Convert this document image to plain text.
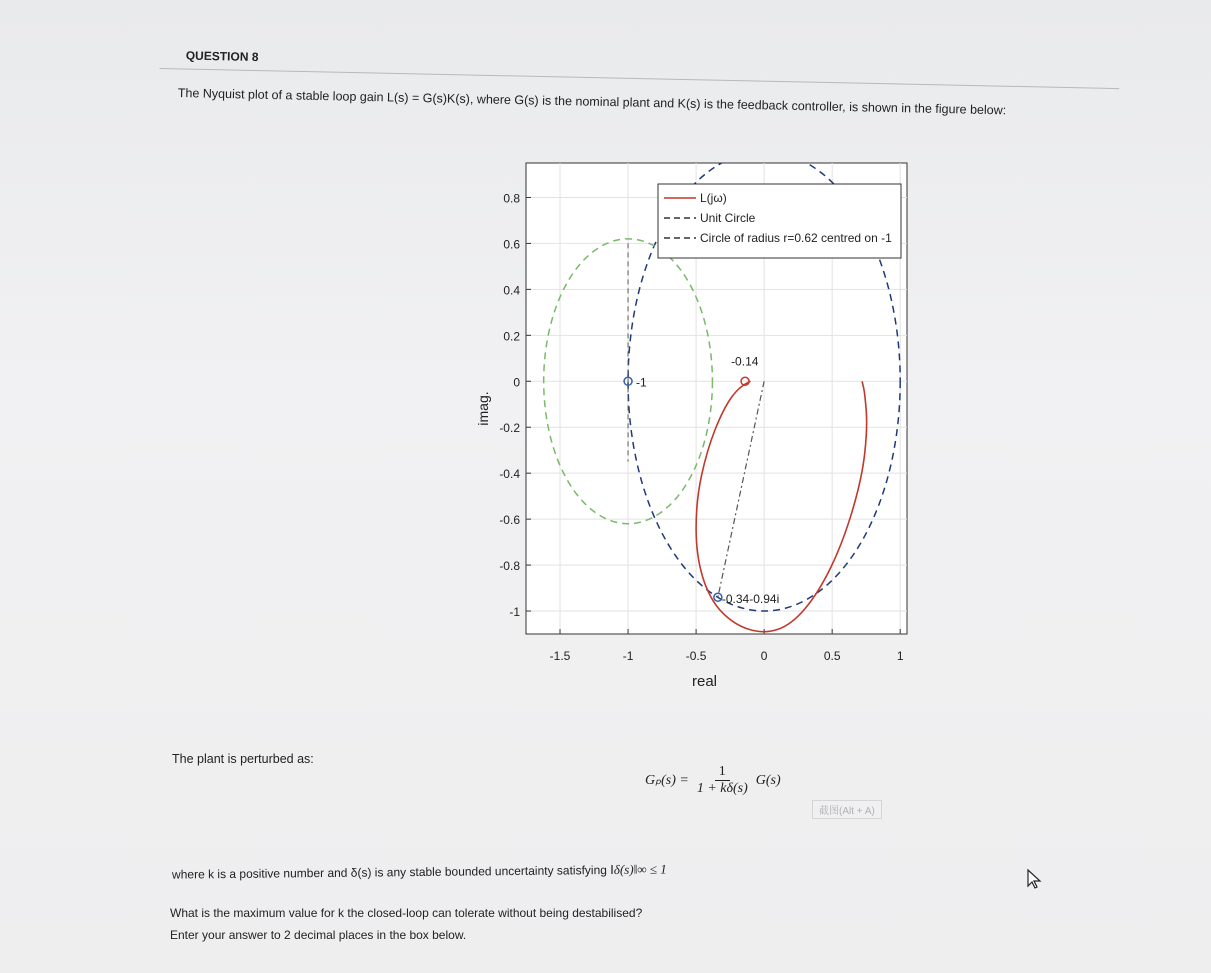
QUESTION 8
The Nyquist plot of a stable loop gain L(s) = G(s)K(s), where G(s) is the nominal plant and K(s) is the feedback controller, is shown in the figure below:
-1.5	-1	-0.5	0	0.5	1
0.8
0.6
0.4
0.2
0
-0.2
-0.4
-0.6
-0.8
-1
real
imag.
-1
-0.14
-0.34-0.94i
L(jω)
Unit Circle
Circle of radius r=0.62 centred on -1
The plant is perturbed as:
$G_p(s) = \frac{1}{1 + k\delta(s)} G(s)$
截图(Alt + A)
where k is a positive number and δ(s) is any stable bounded uncertainty satisfying ‖δ(s)‖∞ ≤ 1
What is the maximum value for k the closed-loop can tolerate without being destabilised?
Enter your answer to 2 decimal places in the box below.
